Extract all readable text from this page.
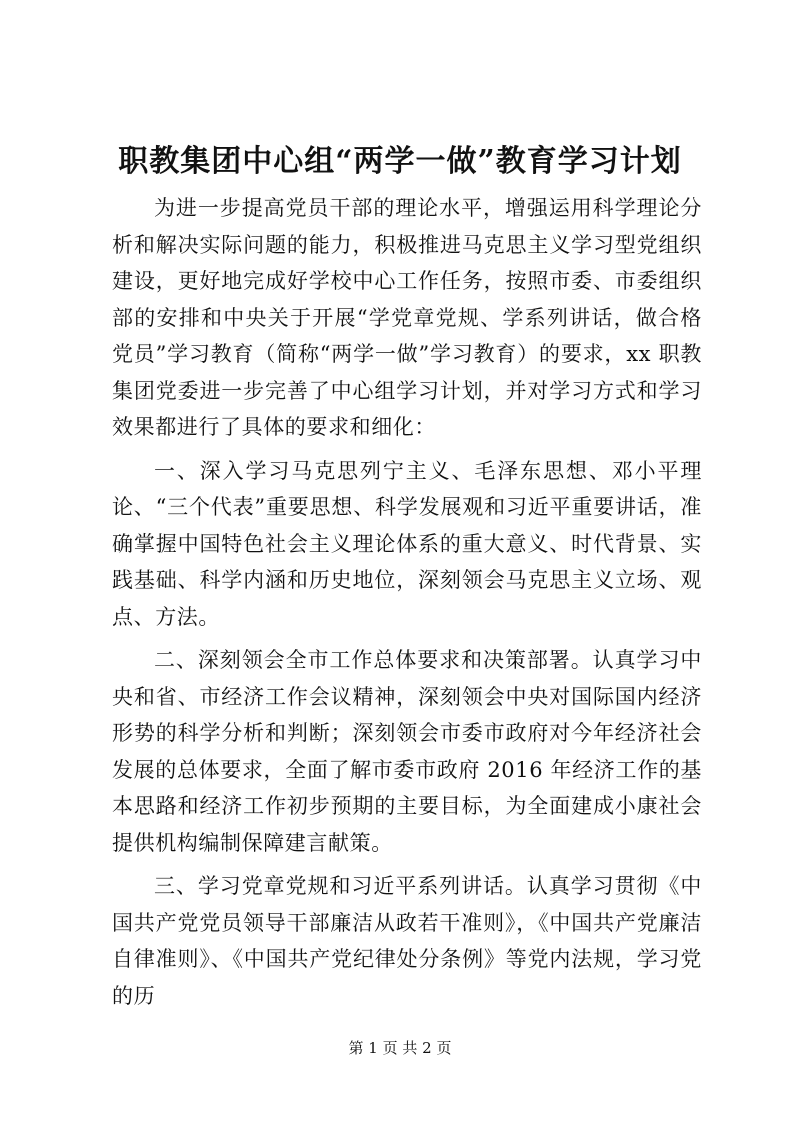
职教集团中心组“两学一做”教育学习计划

为进一步提高党员干部的理论水平，增强运用科学理论分析和解决实际问题的能力，积极推进马克思主义学习型党组织建设，更好地完成好学校中心工作任务，按照市委、市委组织部的安排和中央关于开展“学党章党规、学系列讲话，做合格党员”学习教育（简称“两学一做”学习教育）的要求，xx 职教集团党委进一步完善了中心组学习计划，并对学习方式和学习效果都进行了具体的要求和细化：

一、深入学习马克思列宁主义、毛泽东思想、邓小平理论、“三个代表”重要思想、科学发展观和习近平重要讲话，准确掌握中国特色社会主义理论体系的重大意义、时代背景、实践基础、科学内涵和历史地位，深刻领会马克思主义立场、观点、方法。

二、深刻领会全市工作总体要求和决策部署。认真学习中央和省、市经济工作会议精神，深刻领会中央对国际国内经济形势的科学分析和判断；深刻领会市委市政府对今年经济社会发展的总体要求，全面了解市委市政府 2016 年经济工作的基本思路和经济工作初步预期的主要目标，为全面建成小康社会提供机构编制保障建言献策。

三、学习党章党规和习近平系列讲话。认真学习贯彻《中国共产党党员领导干部廉洁从政若干准则》，《中国共产党廉洁自律准则》、《中国共产党纪律处分条例》等党内法规，学习党的历

第 1 页 共 2 页
